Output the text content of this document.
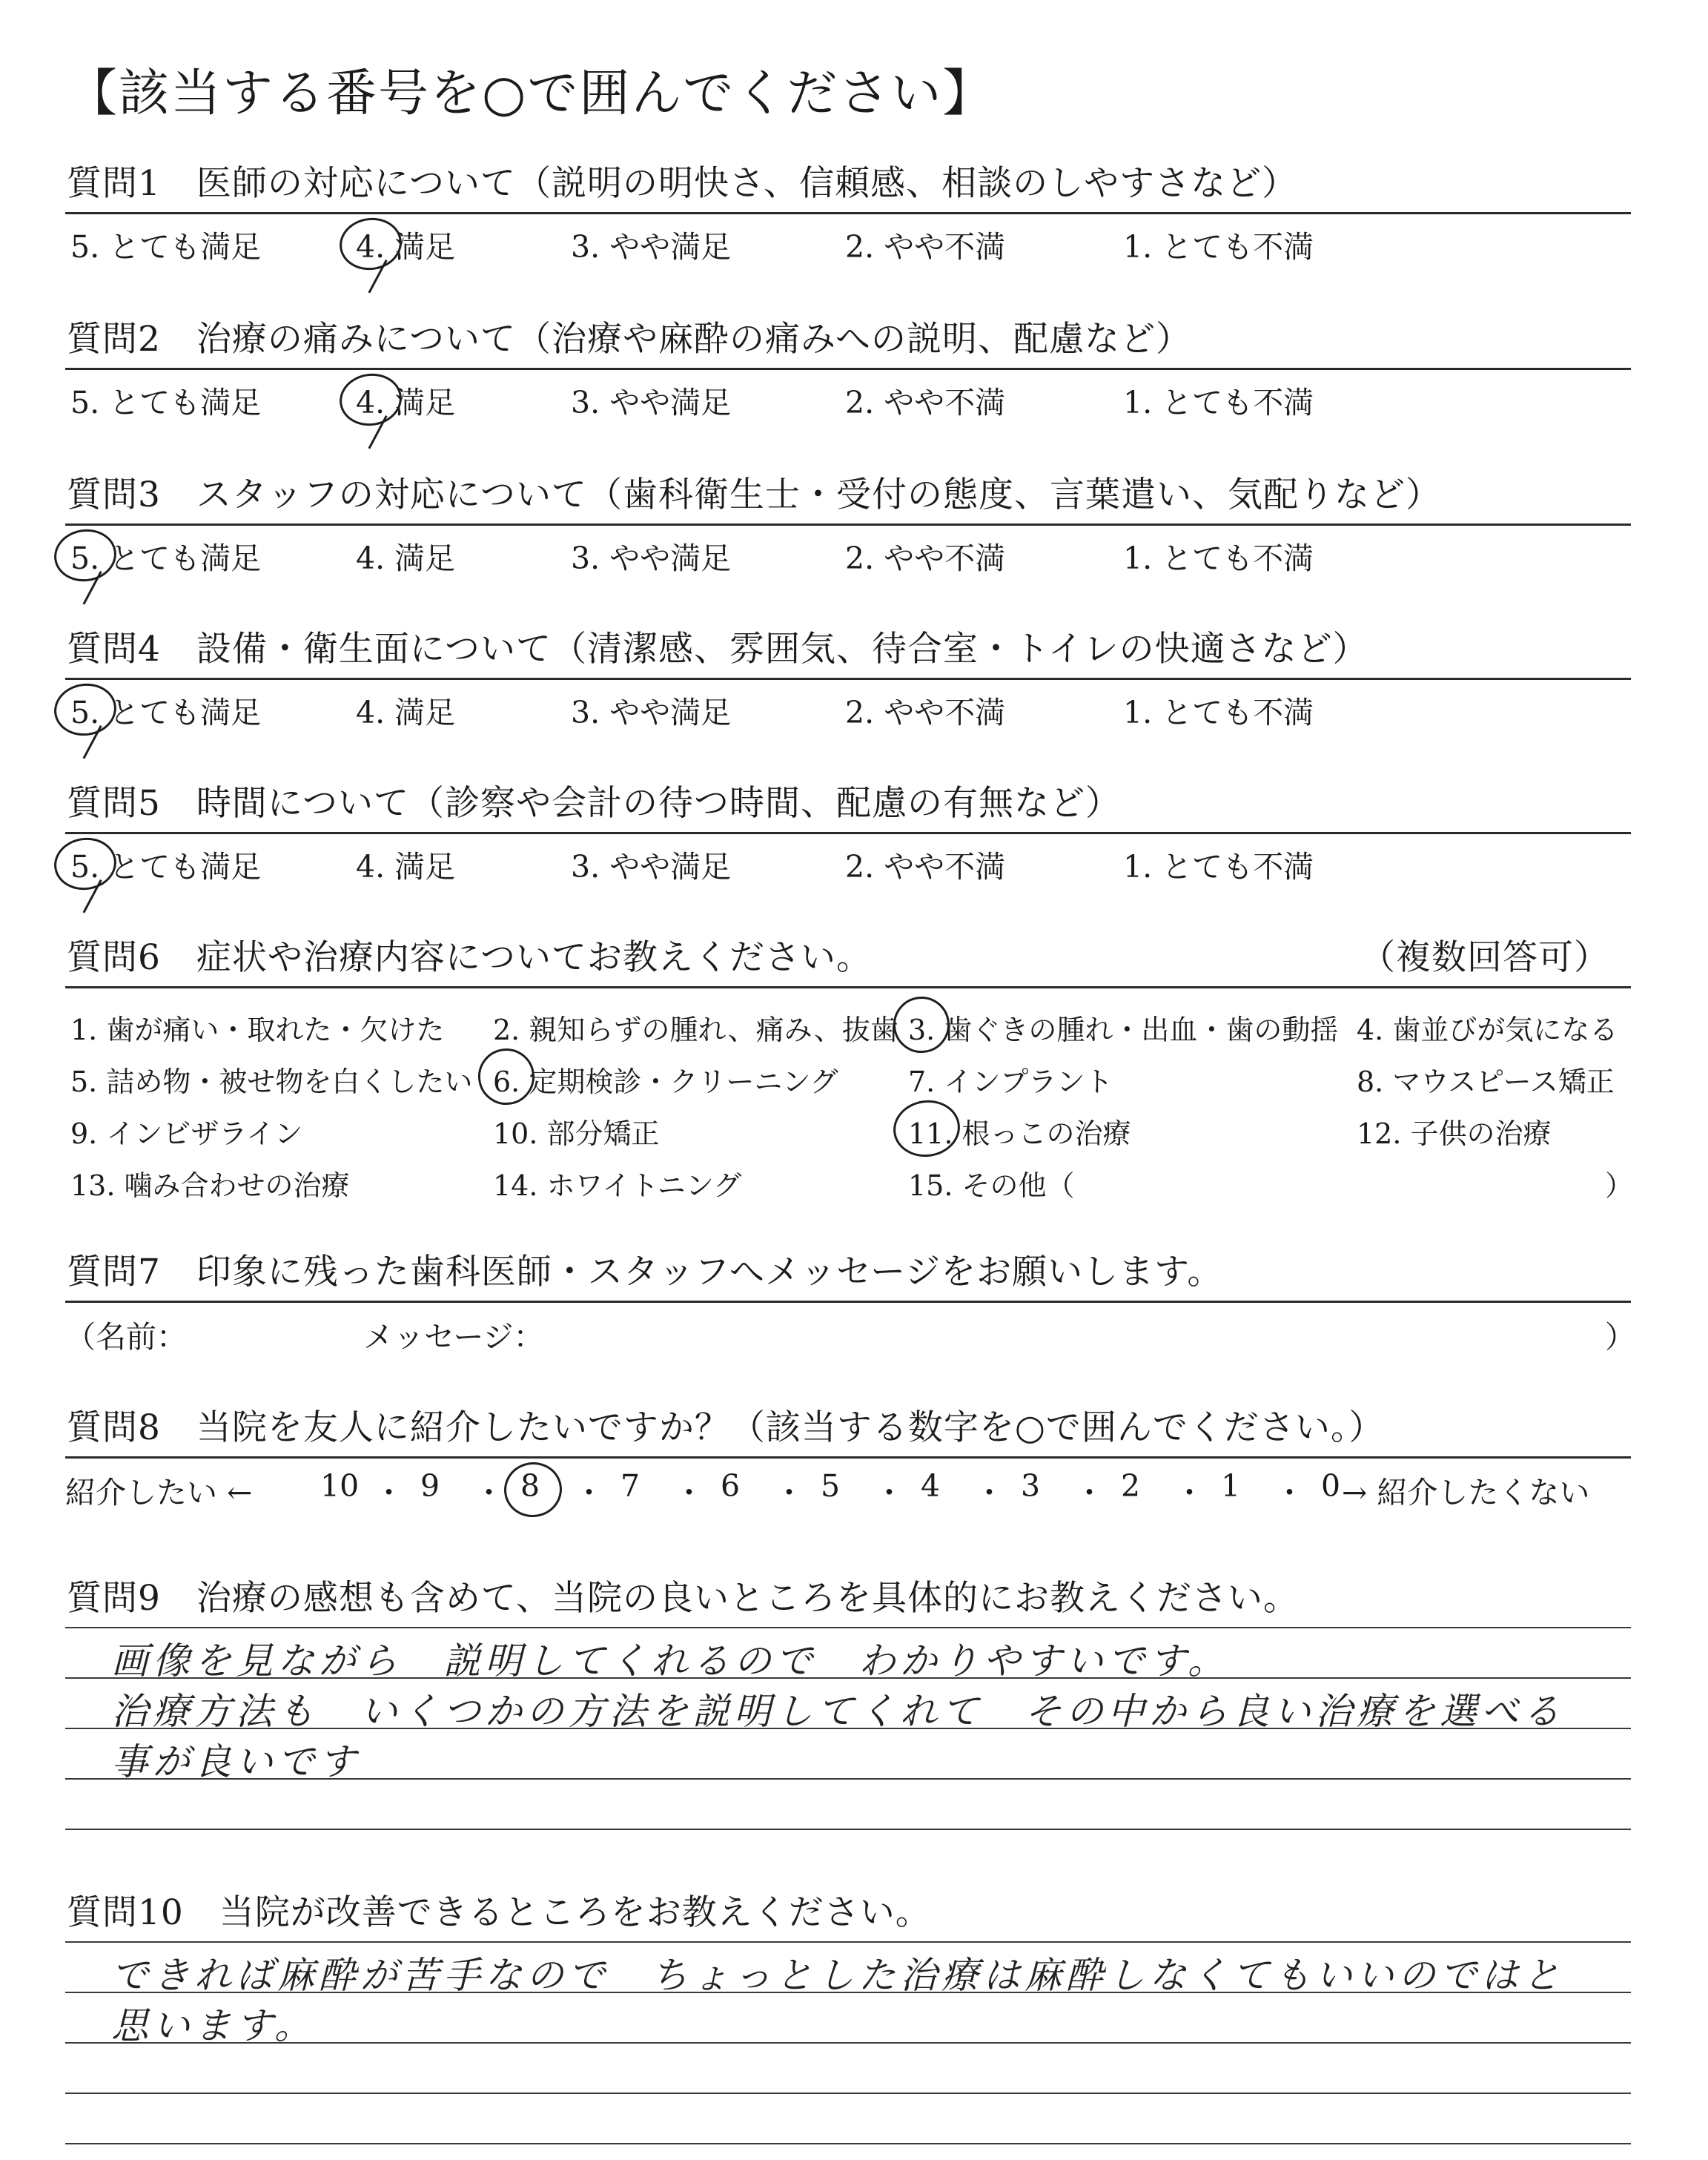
【該当する番号を○で囲んでください】
質問1　医師の対応について（説明の明快さ、信頼感、相談のしやすさなど）
5. とても満足	4. 満足	3. やや満足	2. やや不満	1. とても不満
質問2　治療の痛みについて（治療や麻酔の痛みへの説明、配慮など）
5. とても満足	4. 満足	3. やや満足	2. やや不満	1. とても不満
質問3　スタッフの対応について（歯科衛生士・受付の態度、言葉遣い、気配りなど）
5. とても満足	4. 満足	3. やや満足	2. やや不満	1. とても不満
質問4　設備・衛生面について（清潔感、雰囲気、待合室・トイレの快適さなど）
5. とても満足	4. 満足	3. やや満足	2. やや不満	1. とても不満
質問5　時間について（診察や会計の待つ時間、配慮の有無など）
5. とても満足	4. 満足	3. やや満足	2. やや不満	1. とても不満
質問6　症状や治療内容についてお教えください。	（複数回答可）
1. 歯が痛い・取れた・欠けた 2. 親知らずの腫れ、痛み、抜歯 3. 歯ぐきの腫れ・出血・歯の動揺 4. 歯並びが気になる
5. 詰め物・被せ物を白くしたい 6. 定期検診・クリーニング 7. インプラント	8. マウスピース矯正
9. インビザライン	10. 部分矯正	11. 根っこの治療	12. 子供の治療
13. 噛み合わせの治療	14. ホワイトニング	15. その他（	）
質問7　印象に残った歯科医師・スタッフへメッセージをお願いします。
（名前：	メッセージ：	）
質問8　当院を友人に紹介したいですか？（該当する数字を○で囲んでください。）
紹介したい ←	→ 紹介したくない
10 ・ 9 ・ 8 ・ 7 ・ 6 ・ 5 ・ 4 ・ 3 ・ 2 ・ 1 ・ 0
質問9　治療の感想も含めて、当院の良いところを具体的にお教えください。
画像を見ながら　説明してくれるので　わかりやすいです。
治療方法も　いくつかの方法を説明してくれて　その中から良い治療を選べる
事が良いです
質問10　当院が改善できるところをお教えください。
できれば麻酔が苦手なので　ちょっとした治療は麻酔しなくてもいいのではと
思います。
